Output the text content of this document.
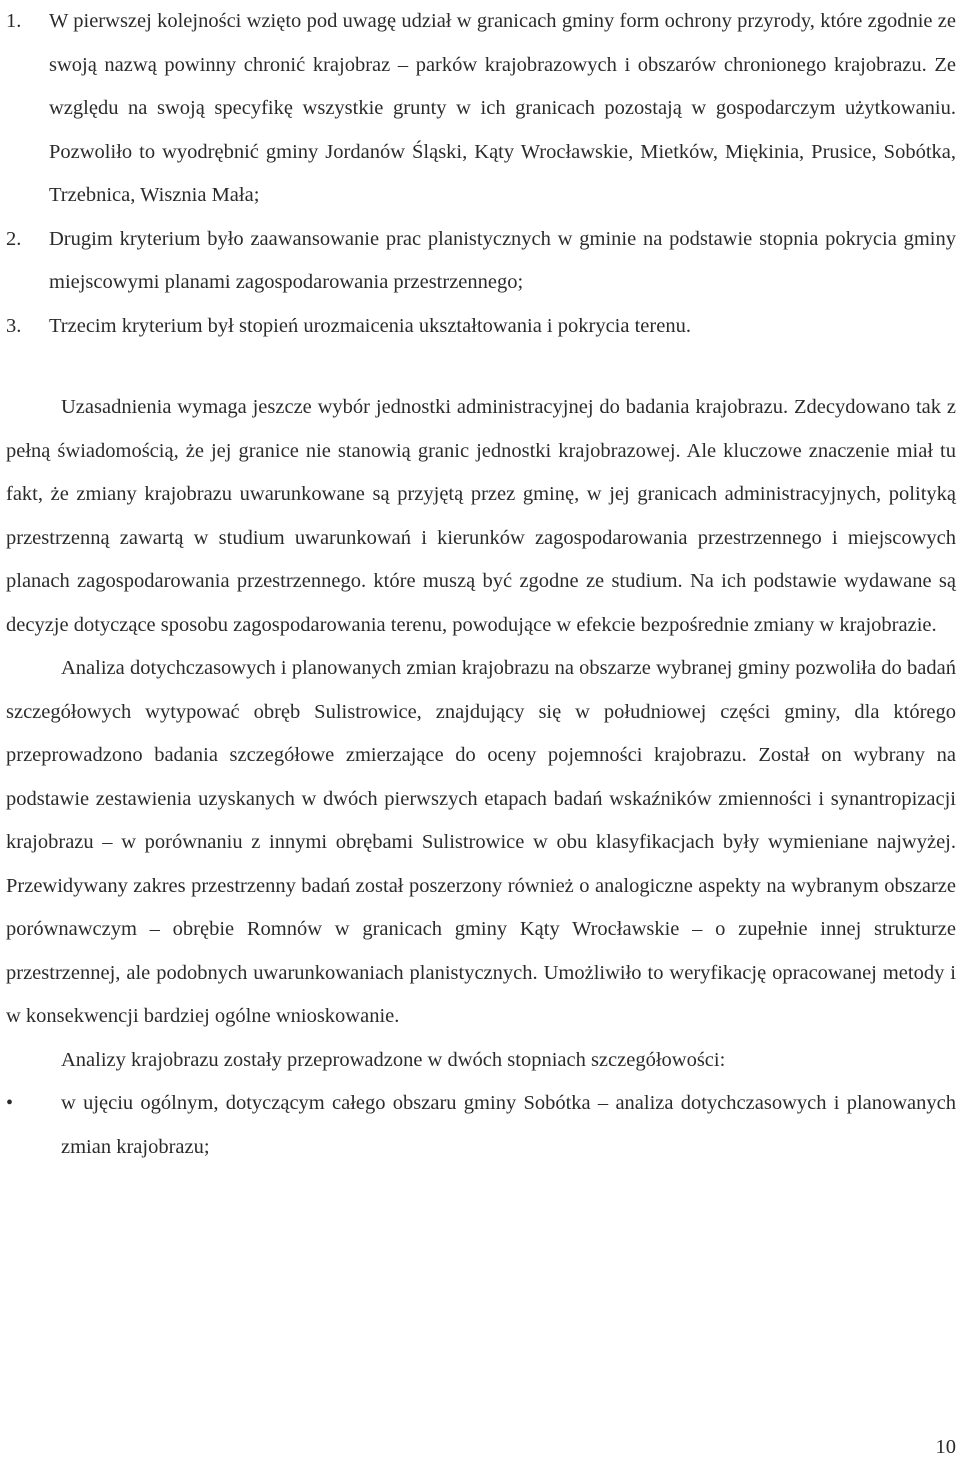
1. W pierwszej kolejności wzięto pod uwagę udział w granicach gminy form ochrony przyrody, które zgodnie ze swoją nazwą powinny chronić krajobraz – parków krajobrazowych i obszarów chronionego krajobrazu. Ze względu na swoją specyfikę wszystkie grunty w ich granicach pozostają w gospodarczym użytkowaniu. Pozwoliło to wyodrębnić gminy Jordanów Śląski, Kąty Wrocławskie, Mietków, Miękinia, Prusice, Sobótka, Trzebnica, Wisznia Mała;
2. Drugim kryterium było zaawansowanie prac planistycznych w gminie na podstawie stopnia pokrycia gminy miejscowymi planami zagospodarowania przestrzennego;
3. Trzecim kryterium był stopień urozmaicenia ukształtowania i pokrycia terenu.
Uzasadnienia wymaga jeszcze wybór jednostki administracyjnej do badania krajobrazu. Zdecydowano tak z pełną świadomością, że jej granice nie stanowią granic jednostki krajobrazowej. Ale kluczowe znaczenie miał tu fakt, że zmiany krajobrazu uwarunkowane są przyjętą przez gminę, w jej granicach administracyjnych, polityką przestrzenną zawartą w studium uwarunkowań i kierunków zagospodarowania przestrzennego i miejscowych planach zagospodarowania przestrzennego. które muszą być zgodne ze studium. Na ich podstawie wydawane są decyzje dotyczące sposobu zagospodarowania terenu, powodujące w efekcie bezpośrednie zmiany w krajobrazie.
Analiza dotychczasowych i planowanych zmian krajobrazu na obszarze wybranej gminy pozwoliła do badań szczegółowych wytypować obręb Sulistrowice, znajdujący się w południowej części gminy, dla którego przeprowadzono badania szczegółowe zmierzające do oceny pojemności krajobrazu. Został on wybrany na podstawie zestawienia uzyskanych w dwóch pierwszych etapach badań wskaźników zmienności i synantropizacji krajobrazu – w porównaniu z innymi obrębami Sulistrowice w obu klasyfikacjach były wymieniane najwyżej. Przewidywany zakres przestrzenny badań został poszerzony również o analogiczne aspekty na wybranym obszarze porównawczym – obrębie Romnów w granicach gminy Kąty Wrocławskie – o zupełnie innej strukturze przestrzennej, ale podobnych uwarunkowaniach planistycznych. Umożliwiło to weryfikację opracowanej metody i w konsekwencji bardziej ogólne wnioskowanie.
Analizy krajobrazu zostały przeprowadzone w dwóch stopniach szczegółowości:
• w ujęciu ogólnym, dotyczącym całego obszaru gminy Sobótka – analiza dotychczasowych i planowanych zmian krajobrazu;
10
